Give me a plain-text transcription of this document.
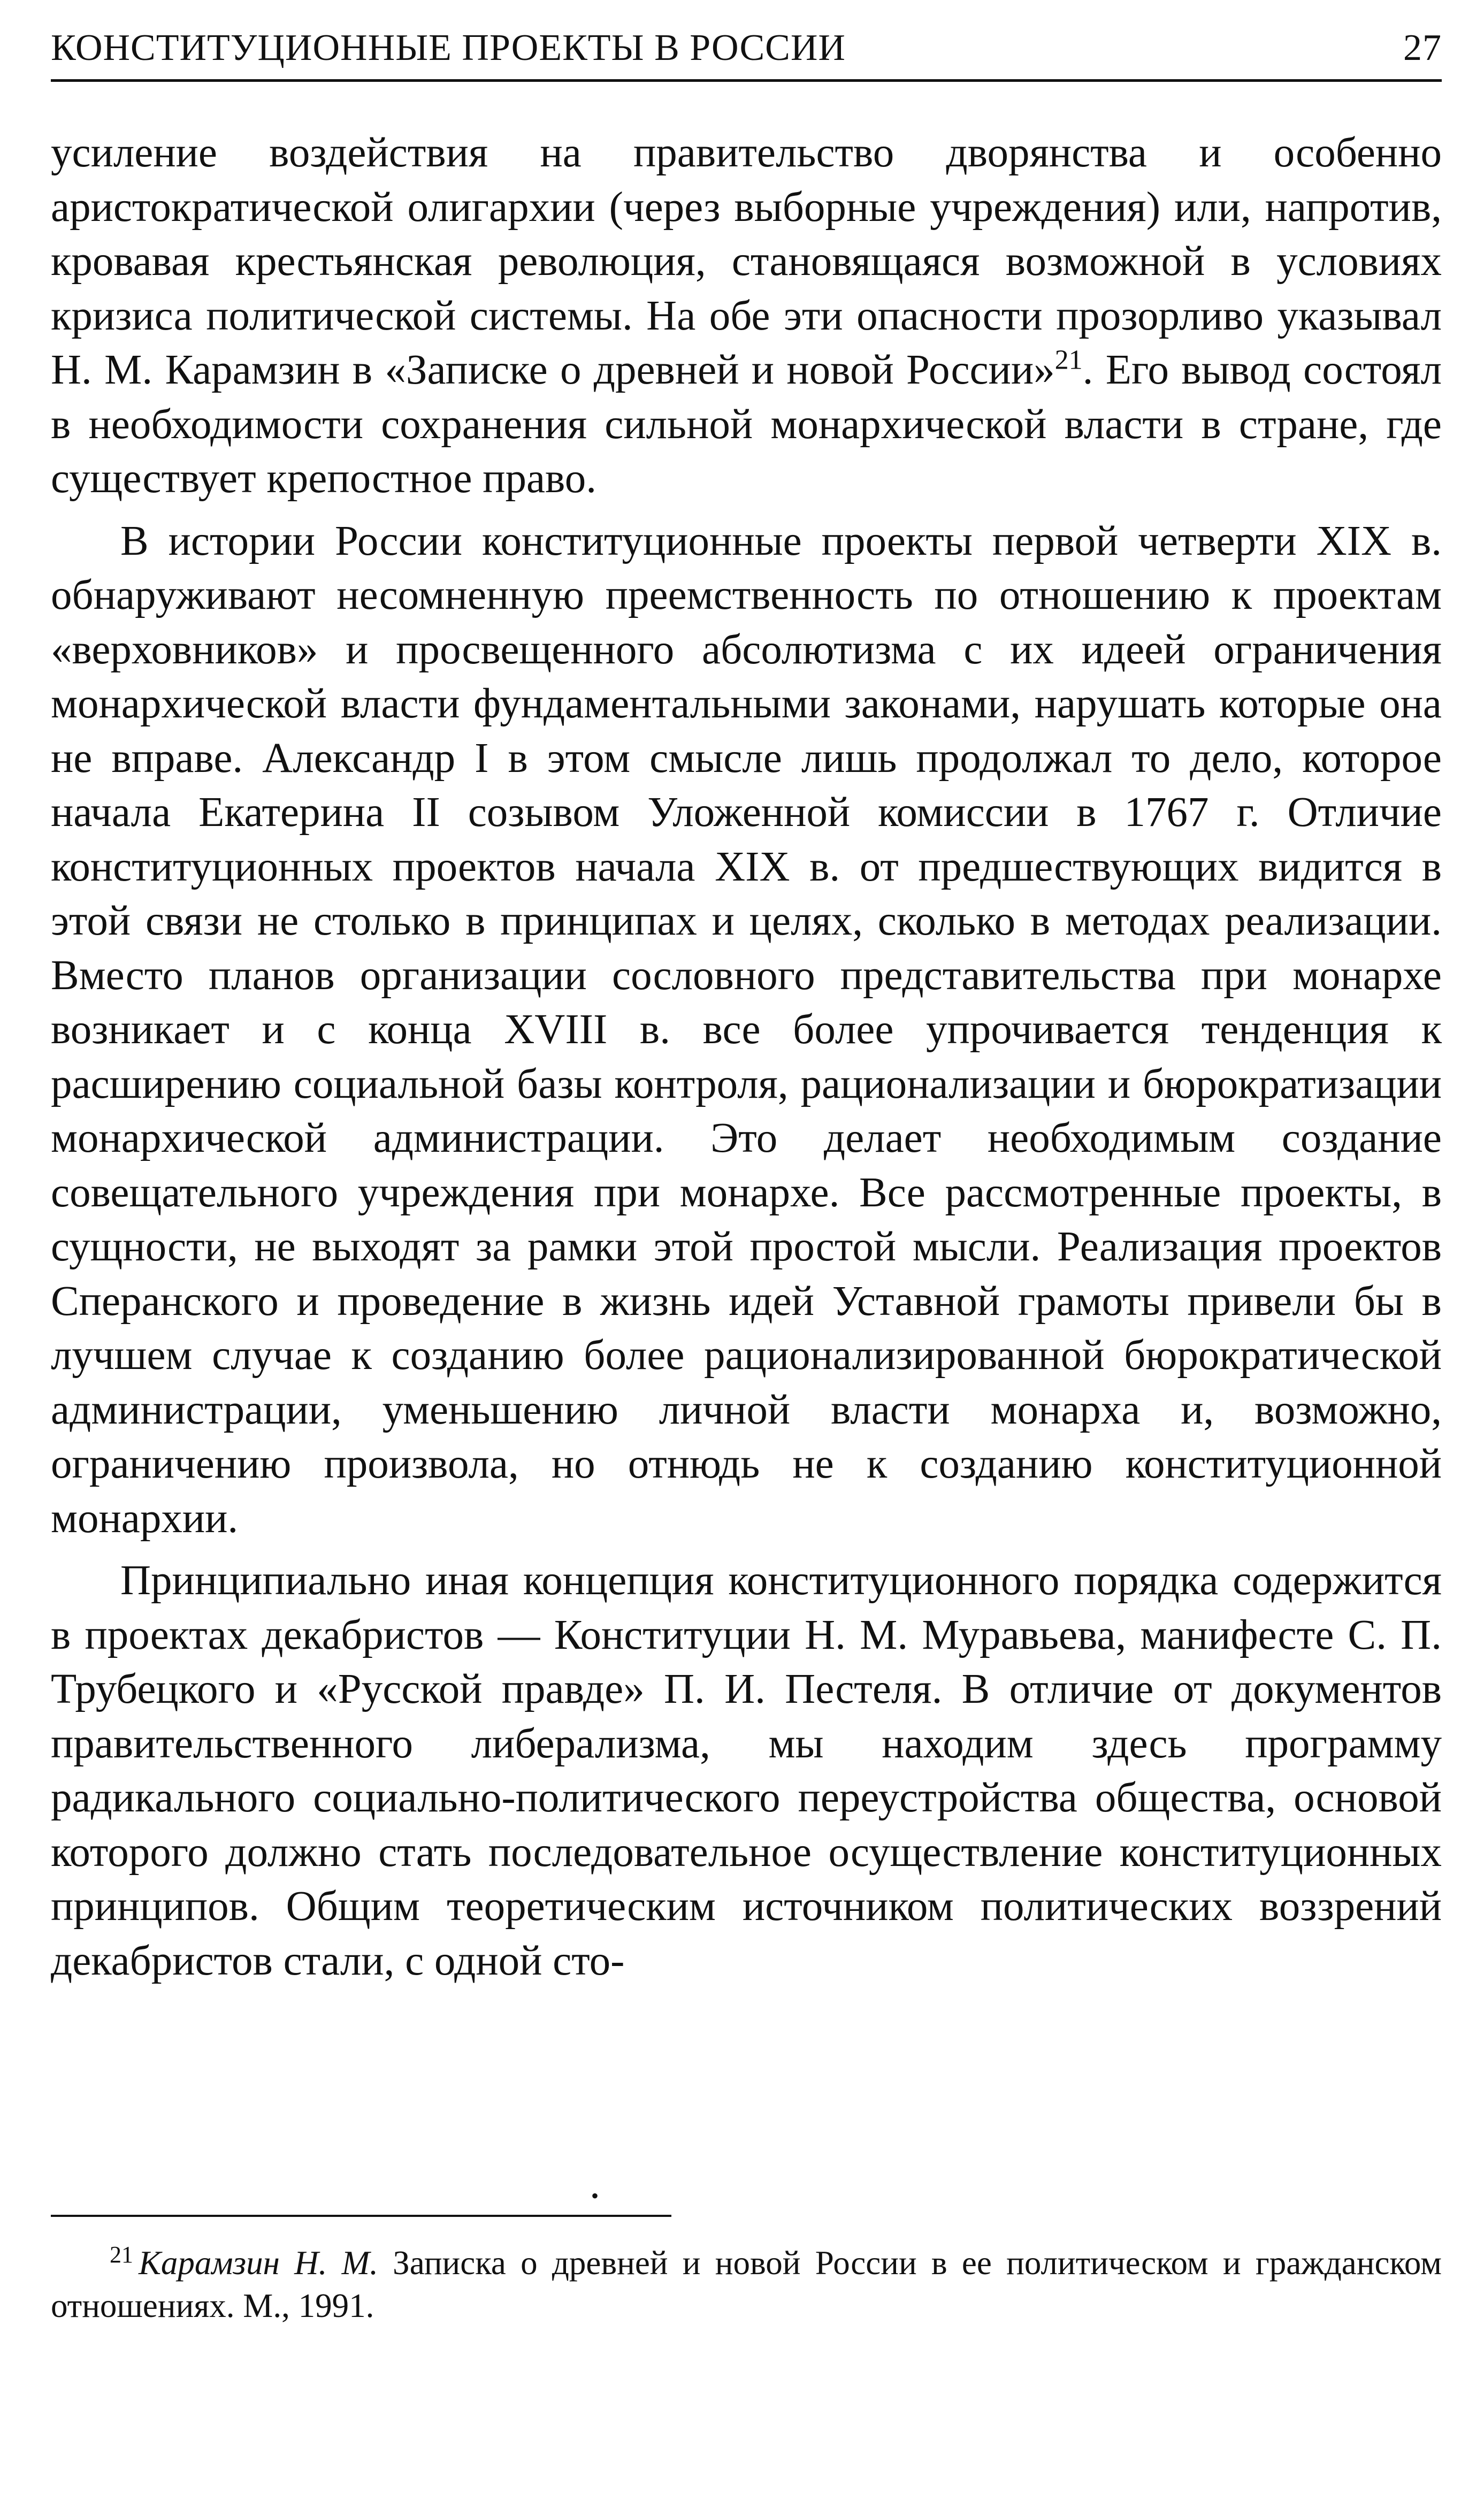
КОНСТИТУЦИОННЫЕ ПРОЕКТЫ В РОССИИ	27

усиление воздействия на правительство дворянства и особенно аристократической олигархии (через выборные учреждения) или, напротив, кровавая крестьянская революция, становящаяся возможной в условиях кризиса политической системы. На обе эти опасности прозорливо указывал Н. М. Карамзин в «Записке о древней и новой России»$^{21}$. Его вывод состоял в необходимости сохранения сильной монархической власти в стране, где существует крепостное право.

В истории России конституционные проекты первой четверти XIX в. обнаруживают несомненную преемственность по отношению к проектам «верховников» и просвещенного абсолютизма с их идеей ограничения монархической власти фундаментальными законами, нарушать которые она не вправе. Александр I в этом смысле лишь продолжал то дело, которое начала Екатерина II созывом Уложенной комиссии в 1767 г. Отличие конституционных проектов начала XIX в. от предшествующих видится в этой связи не столько в принципах и целях, сколько в методах реализации. Вместо планов организации сословного представительства при монархе возникает и с конца XVIII в. все более упрочивается тенденция к расширению социальной базы контроля, рационализации и бюрократизации монархической администрации. Это делает необходимым создание совещательного учреждения при монархе. Все рассмотренные проекты, в сущности, не выходят за рамки этой простой мысли. Реализация проектов Сперанского и проведение в жизнь идей Уставной грамоты привели бы в лучшем случае к созданию более рационализированной бюрократической администрации, уменьшению личной власти монарха и, возможно, ограничению произвола, но отнюдь не к созданию конституционной монархии.

Принципиально иная концепция конституционного порядка содержится в проектах декабристов — Конституции Н. М. Муравьева, манифесте С. П. Трубецкого и «Русской правде» П. И. Пестеля. В отличие от документов правительственного либерализма, мы находим здесь программу радикального социально-политического переустройства общества, основой которого должно стать последовательное осуществление конституционных принципов. Общим теоретическим источником политических воззрений декабристов стали, с одной сто-

•
$^{21}$ Карамзин Н. М. Записка о древней и новой России в ее политическом и гражданском отношениях. М., 1991.
